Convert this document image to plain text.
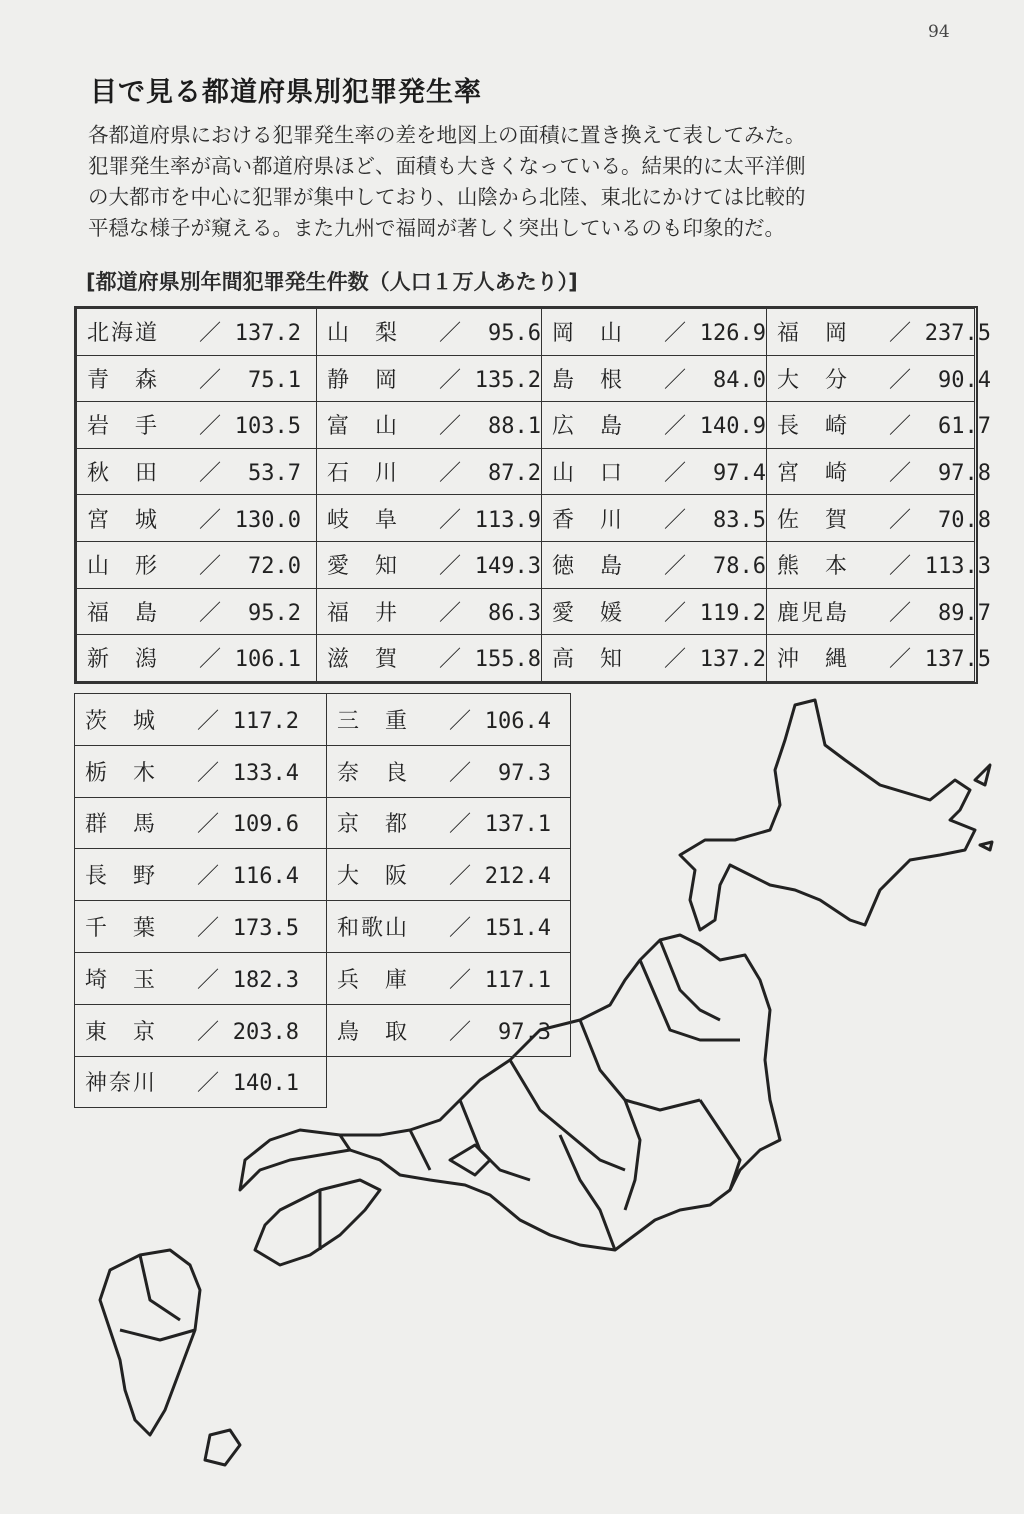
94
目で見る都道府県別犯罪発生率
各都道府県における犯罪発生率の差を地図上の面積に置き換えて表してみた。
犯罪発生率が高い都道府県ほど、面積も大きくなっている。結果的に太平洋側
の大都市を中心に犯罪が集中しており、山陰から北陸、東北にかけては比較的
平穏な様子が窺える。また九州で福岡が著しく突出しているのも印象的だ。
[都道府県別年間犯罪発生件数（人口１万人あたり）]
北海道 ／ 137.2	山　梨 ／ 95.6	岡　山 ／ 126.9	福　岡 ／ 237.5
青　森 ／ 75.1	静　岡 ／ 135.2	島　根 ／ 84.0	大　分 ／ 90.4
岩　手 ／ 103.5	富　山 ／ 88.1	広　島 ／ 140.9	長　崎 ／ 61.7
秋　田 ／ 53.7	石　川 ／ 87.2	山　口 ／ 97.4	宮　崎 ／ 97.8
宮　城 ／ 130.0	岐　阜 ／ 113.9	香　川 ／ 83.5	佐　賀 ／ 70.8
山　形 ／ 72.0	愛　知 ／ 149.3	徳　島 ／ 78.6	熊　本 ／ 113.3
福　島 ／ 95.2	福　井 ／ 86.3	愛　媛 ／ 119.2	鹿児島 ／ 89.7
新　潟 ／ 106.1	滋　賀 ／ 155.8	高　知 ／ 137.2	沖　縄 ／ 137.5
茨　城 ／ 117.2	三　重 ／ 106.4
栃　木 ／ 133.4	奈　良 ／ 97.3
群　馬 ／ 109.6	京　都 ／ 137.1
長　野 ／ 116.4	大　阪 ／ 212.4
千　葉 ／ 173.5	和歌山 ／ 151.4
埼　玉 ／ 182.3	兵　庫 ／ 117.1
東　京 ／ 203.8	鳥　取 ／ 97.3
神奈川 ／ 140.1	
